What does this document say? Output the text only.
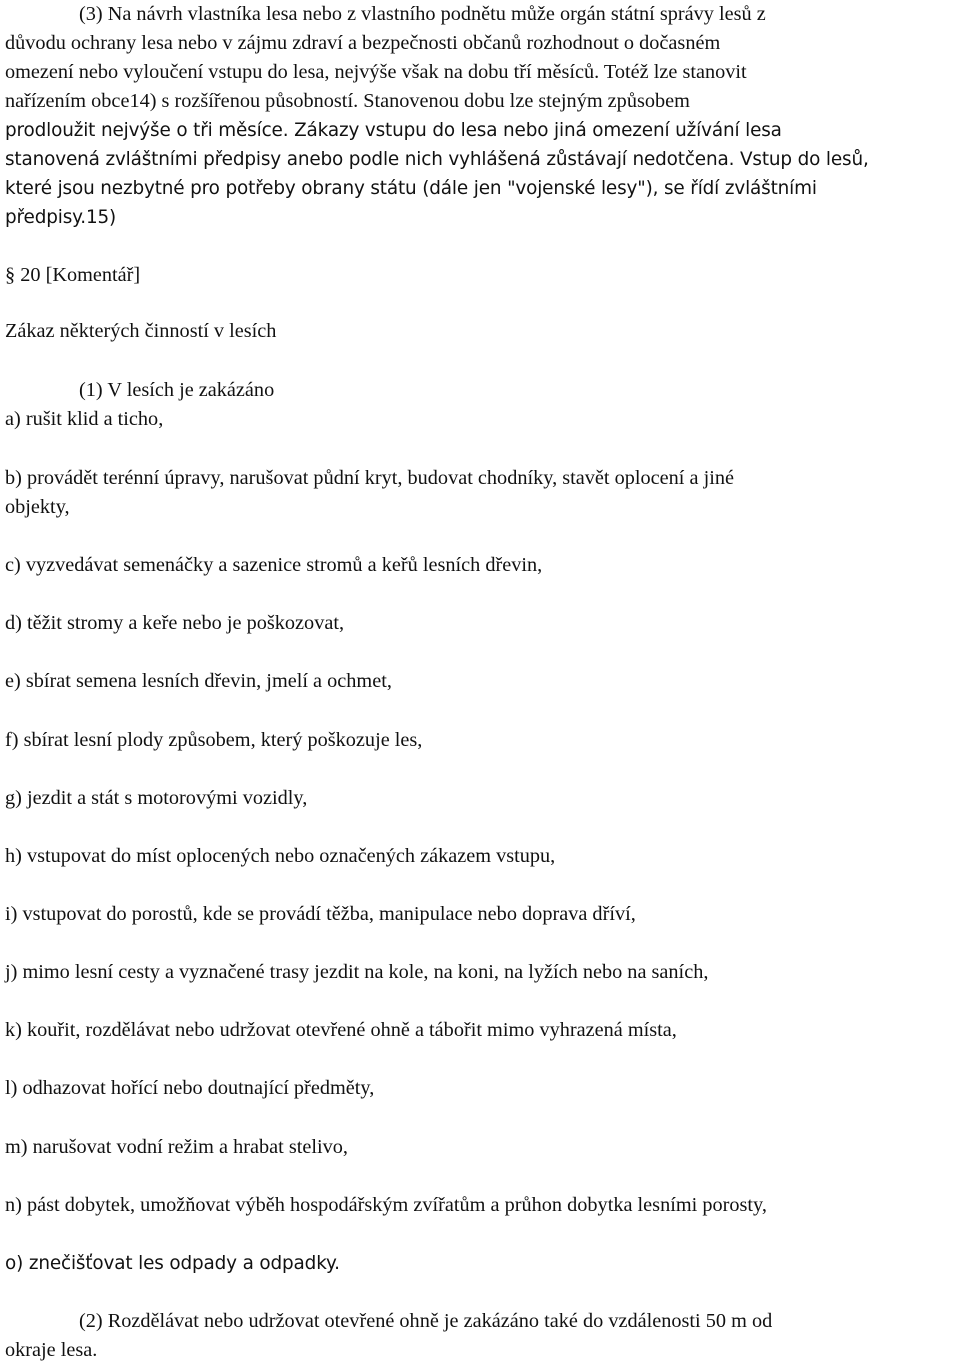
(3) Na návrh vlastníka lesa nebo z vlastního podnětu může orgán státní správy lesů z
důvodu ochrany lesa nebo v zájmu zdraví a bezpečnosti občanů rozhodnout o dočasném
omezení nebo vyloučení vstupu do lesa, nejvýše však na dobu tří měsíců. Totéž lze stanovit
nařízením obce14) s rozšířenou působností. Stanovenou dobu lze stejným způsobem
prodloužit nejvýše o tři měsíce. Zákazy vstupu do lesa nebo jiná omezení užívání lesa
stanovená zvláštními předpisy anebo podle nich vyhlášená zůstávají nedotčena. Vstup do lesů,
které jsou nezbytné pro potřeby obrany státu (dále jen "vojenské lesy"), se řídí zvláštními
předpisy.15)
§ 20 [Komentář]
Zákaz některých činností v lesích
(1) V lesích je zakázáno
a) rušit klid a ticho,
b) provádět terénní úpravy, narušovat půdní kryt, budovat chodníky, stavět oplocení a jiné
objekty,
c) vyzvedávat semenáčky a sazenice stromů a keřů lesních dřevin,
d) těžit stromy a keře nebo je poškozovat,
e) sbírat semena lesních dřevin, jmelí a ochmet,
f) sbírat lesní plody způsobem, který poškozuje les,
g) jezdit a stát s motorovými vozidly,
h) vstupovat do míst oplocených nebo označených zákazem vstupu,
i) vstupovat do porostů, kde se provádí těžba, manipulace nebo doprava dříví,
j) mimo lesní cesty a vyznačené trasy jezdit na kole, na koni, na lyžích nebo na saních,
k) kouřit, rozdělávat nebo udržovat otevřené ohně a tábořit mimo vyhrazená místa,
l) odhazovat hořící nebo doutnající předměty,
m) narušovat vodní režim a hrabat stelivo,
n) pást dobytek, umožňovat výběh hospodářským zvířatům a průhon dobytka lesními porosty,
o) znečišťovat les odpady a odpadky.
(2) Rozdělávat nebo udržovat otevřené ohně je zakázáno také do vzdálenosti 50 m od
okraje lesa.
